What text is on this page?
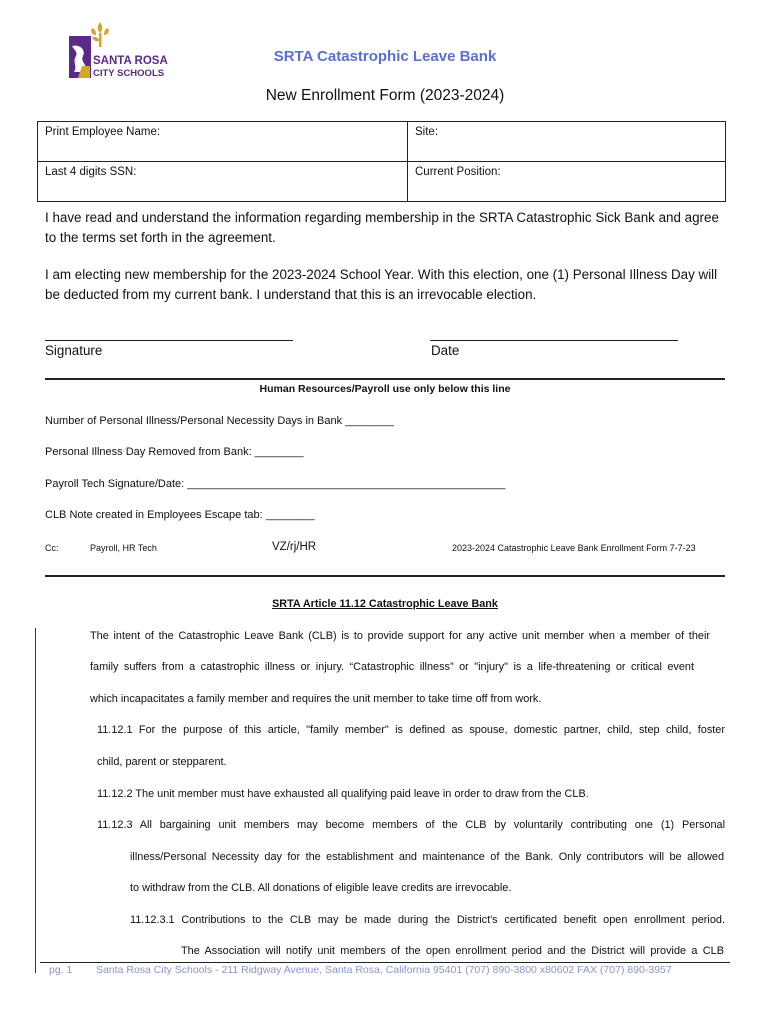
SANTA ROSA
CITY SCHOOLS
SRTA Catastrophic Leave Bank
New Enrollment Form (2023-2024)
Print Employee Name:	Site:
Last 4 digits SSN:	Current Position:
I have read and understand the information regarding membership in the SRTA Catastrophic Sick Bank and agree to the terms set forth in the agreement.
I am electing new membership for the 2023-2024 School Year. With this election, one (1) Personal Illness Day will be deducted from my current bank. I understand that this is an irrevocable election.
Signature	Date
Human Resources/Payroll use only below this line
Number of Personal Illness/Personal Necessity Days in Bank ________
Personal Illness Day Removed from Bank: ________
Payroll Tech Signature/Date: ____________________________________________________
CLB Note created in Employees Escape tab: ________
Cc:	Payroll, HR Tech	VZ/rj/HR	2023-2024 Catastrophic Leave Bank Enrollment Form 7-7-23
SRTA Article 11.12 Catastrophic Leave Bank
The intent of the Catastrophic Leave Bank (CLB) is to provide support for any active unit member when a member of their
family suffers from a catastrophic illness or injury. “Catastrophic illness” or "injury" is a life-threatening or critical event
which incapacitates a family member and requires the unit member to take time off from work.
11.12.1 For the purpose of this article, "family member" is defined as spouse, domestic partner, child, step child, foster
child, parent or stepparent.
11.12.2 The unit member must have exhausted all qualifying paid leave in order to draw from the CLB.
11.12.3 All bargaining unit members may become members of the CLB by voluntarily contributing one (1) Personal
illness/Personal Necessity day for the establishment and maintenance of the Bank. Only contributors will be allowed
to withdraw from the CLB. All donations of eligible leave credits are irrevocable.
11.12.3.1 Contributions to the CLB may be made during the District's certificated benefit open enrollment period.
The Association will notify unit members of the open enrollment period and the District will provide a CLB
pg. 1 Santa Rosa City Schools - 211 Ridgway Avenue, Santa Rosa, California 95401 (707) 890-3800 x80602 FAX (707) 890-3957
